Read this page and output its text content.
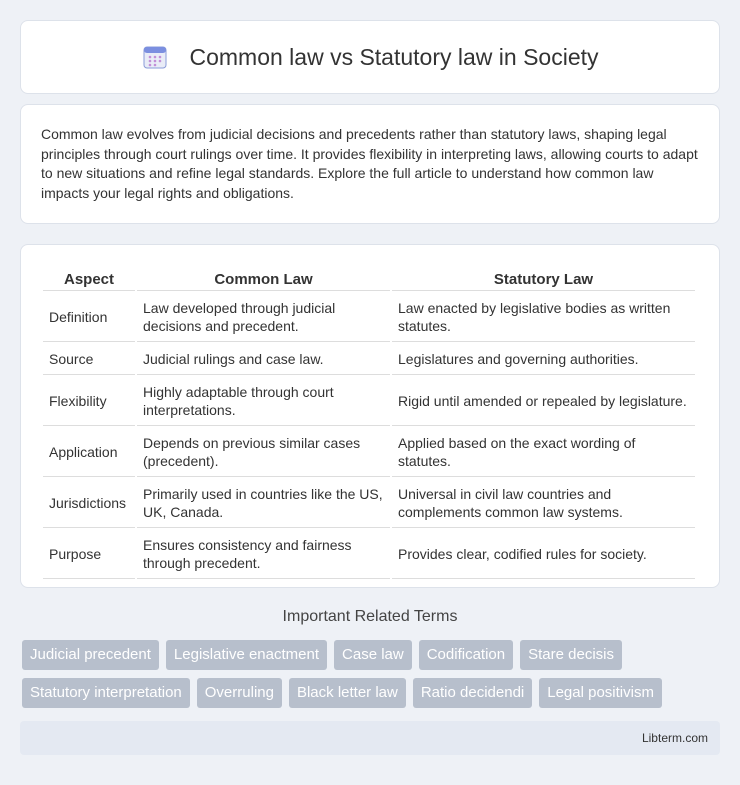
Common law vs Statutory law in Society

Common law evolves from judicial decisions and precedents rather than statutory laws, shaping legal principles through court rulings over time. It provides flexibility in interpreting laws, allowing courts to adapt to new situations and refine legal standards. Explore the full article to understand how common law impacts your legal rights and obligations.

Aspect	Common Law	Statutory Law
Definition	Law developed through judicial decisions and precedent.	Law enacted by legislative bodies as written statutes.
Source	Judicial rulings and case law.	Legislatures and governing authorities.
Flexibility	Highly adaptable through court interpretations.	Rigid until amended or repealed by legislature.
Application	Depends on previous similar cases (precedent).	Applied based on the exact wording of statutes.
Jurisdictions	Primarily used in countries like the US, UK, Canada.	Universal in civil law countries and complements common law systems.
Purpose	Ensures consistency and fairness through precedent.	Provides clear, codified rules for society.
Important Related Terms
Judicial precedent	Legislative enactment	Case law	Codification	Stare decisis
Statutory interpretation	Overruling	Black letter law	Ratio decidendi	Legal positivism
Libterm.com
